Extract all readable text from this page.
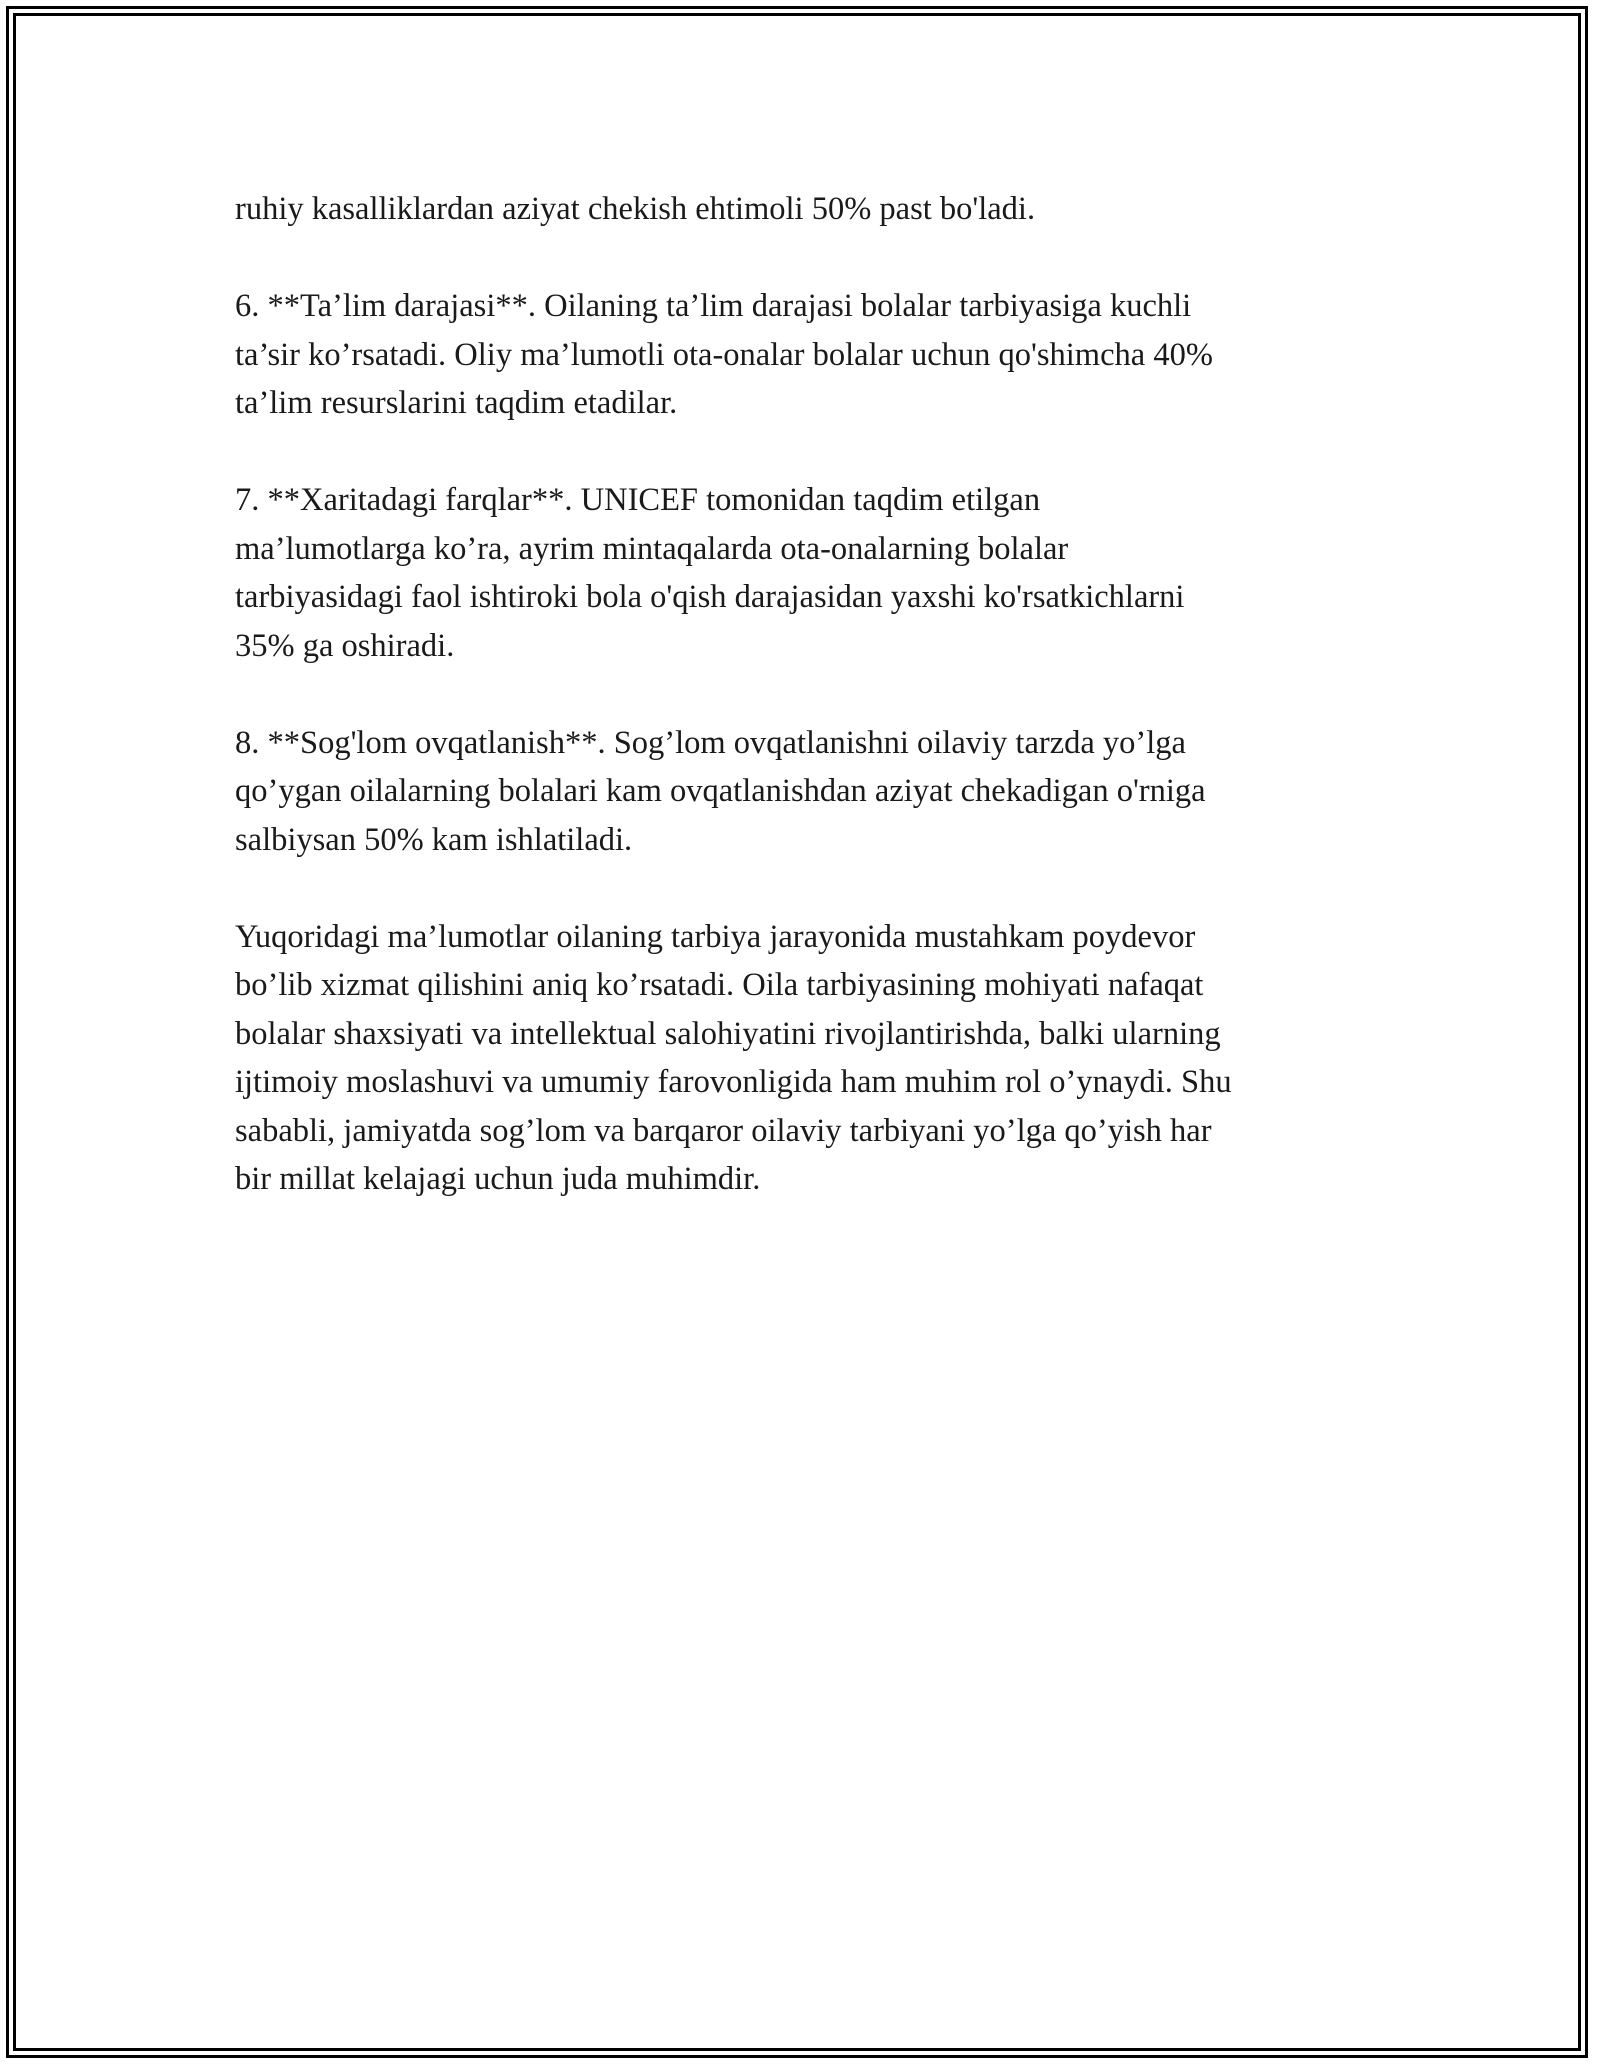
ruhiy kasalliklardan aziyat chekish ehtimoli 50% past bo'ladi.

6. **Ta’lim darajasi**. Oilaning ta’lim darajasi bolalar tarbiyasiga kuchli
ta’sir ko’rsatadi. Oliy ma’lumotli ota-onalar bolalar uchun qo'shimcha 40%
ta’lim resurslarini taqdim etadilar.

7. **Xaritadagi farqlar**. UNICEF tomonidan taqdim etilgan
ma’lumotlarga ko’ra, ayrim mintaqalarda ota-onalarning bolalar
tarbiyasidagi faol ishtiroki bola o'qish darajasidan yaxshi ko'rsatkichlarni
35% ga oshiradi.

8. **Sog'lom ovqatlanish**. Sog’lom ovqatlanishni oilaviy tarzda yo’lga
qo’ygan oilalarning bolalari kam ovqatlanishdan aziyat chekadigan o'rniga
salbiysan 50% kam ishlatiladi.

Yuqoridagi ma’lumotlar oilaning tarbiya jarayonida mustahkam poydevor
bo’lib xizmat qilishini aniq ko’rsatadi. Oila tarbiyasining mohiyati nafaqat
bolalar shaxsiyati va intellektual salohiyatini rivojlantirishda, balki ularning
ijtimoiy moslashuvi va umumiy farovonligida ham muhim rol o’ynaydi. Shu
sababli, jamiyatda sog’lom va barqaror oilaviy tarbiyani yo’lga qo’yish har
bir millat kelajagi uchun juda muhimdir.
